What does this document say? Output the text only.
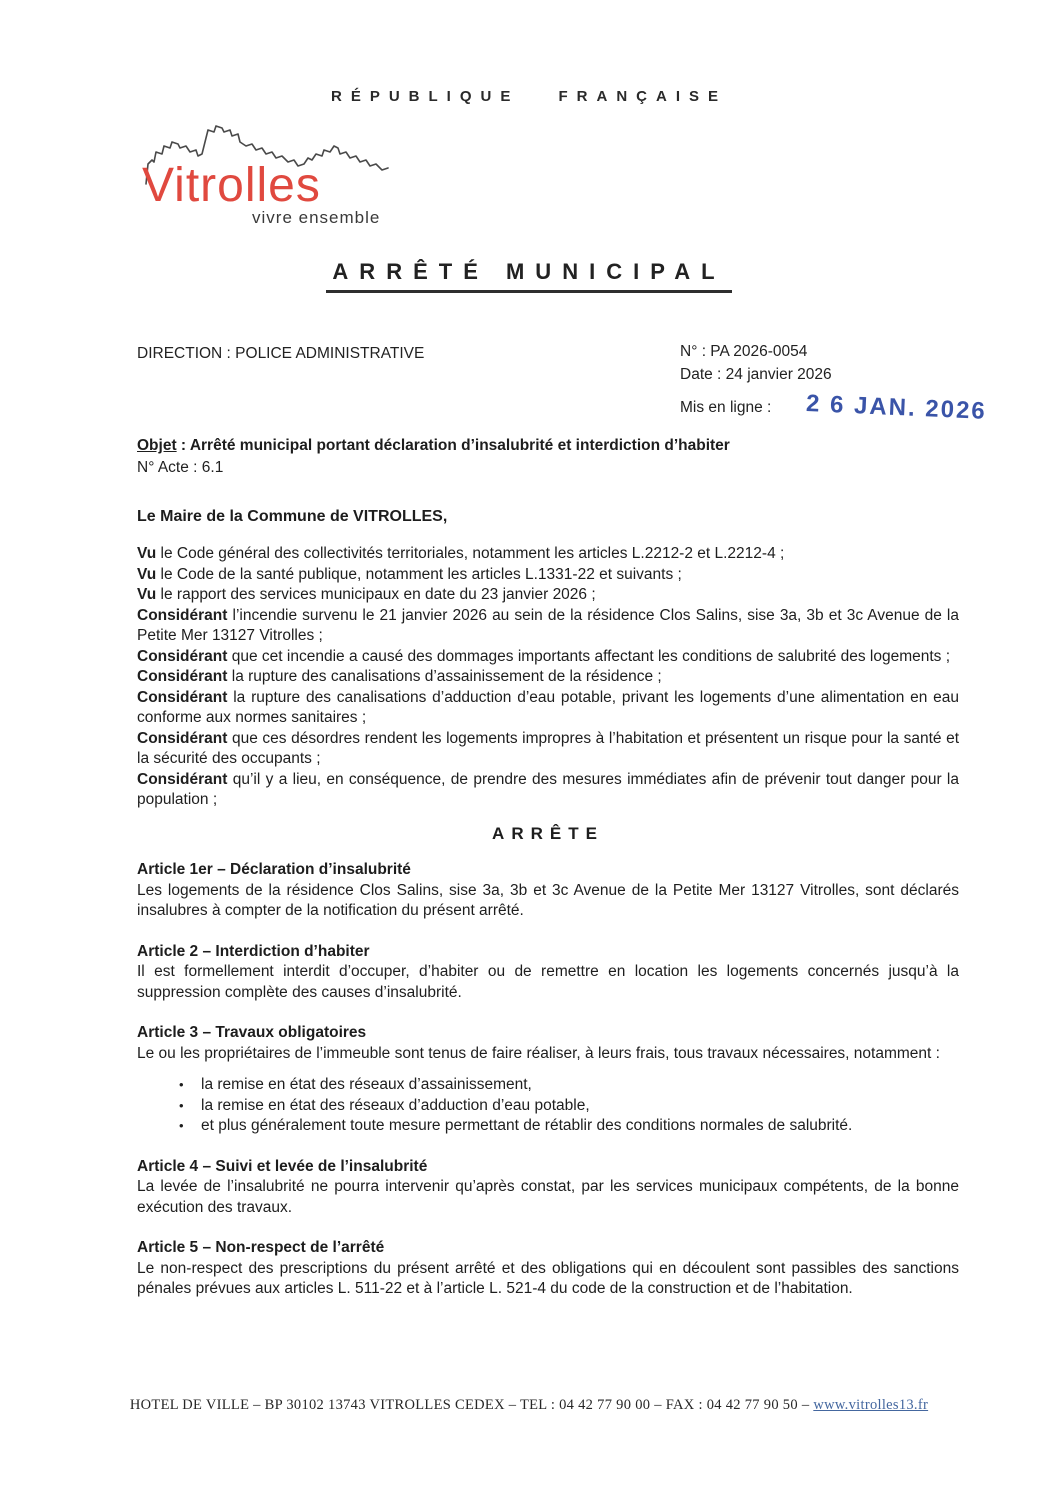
RÉPUBLIQUE FRANÇAISE
Vitrolles
vivre ensemble
ARRÊTÉ MUNICIPAL
DIRECTION : POLICE ADMINISTRATIVE	N° : PA 2026-0054
Date : 24 janvier 2026
Mis en ligne : 2 6 JAN. 2026

Objet : Arrêté municipal portant déclaration d’insalubrité et interdiction d’habiter

N° Acte : 6.1

Le Maire de la Commune de VITROLLES,

Vu le Code général des collectivités territoriales, notamment les articles L.2212-2 et L.2212-4 ;

Vu le Code de la santé publique, notamment les articles L.1331-22 et suivants ;

Vu le rapport des services municipaux en date du 23 janvier 2026 ;

Considérant l’incendie survenu le 21 janvier 2026 au sein de la résidence Clos Salins, sise 3a, 3b et 3c Avenue de la Petite Mer 13127 Vitrolles ;

Considérant que cet incendie a causé des dommages importants affectant les conditions de salubrité des logements ;

Considérant la rupture des canalisations d’assainissement de la résidence ;

Considérant la rupture des canalisations d’adduction d’eau potable, privant les logements d’une alimentation en eau conforme aux normes sanitaires ;

Considérant que ces désordres rendent les logements impropres à l’habitation et présentent un risque pour la santé et la sécurité des occupants ;

Considérant qu’il y a lieu, en conséquence, de prendre des mesures immédiates afin de prévenir tout danger pour la population ;

ARRÊTE

Article 1er – Déclaration d’insalubrité

Les logements de la résidence Clos Salins, sise 3a, 3b et 3c Avenue de la Petite Mer 13127 Vitrolles, sont déclarés insalubres à compter de la notification du présent arrêté.

Article 2 – Interdiction d’habiter

Il est formellement interdit d’occuper, d’habiter ou de remettre en location les logements concernés jusqu’à la suppression complète des causes d’insalubrité.

Article 3 – Travaux obligatoires

Le ou les propriétaires de l’immeuble sont tenus de faire réaliser, à leurs frais, tous travaux nécessaires, notamment :

• la remise en état des réseaux d’assainissement,
• la remise en état des réseaux d’adduction d’eau potable,
• et plus généralement toute mesure permettant de rétablir des conditions normales de salubrité.
Article 4 – Suivi et levée de l’insalubrité

La levée de l’insalubrité ne pourra intervenir qu’après constat, par les services municipaux compétents, de la bonne exécution des travaux.

Article 5 – Non-respect de l’arrêté

Le non-respect des prescriptions du présent arrêté et des obligations qui en découlent sont passibles des sanctions pénales prévues aux articles L. 511-22 et à l’article L. 521-4 du code de la construction et de l’habitation.

HOTEL DE VILLE – BP 30102 13743 VITROLLES CEDEX – TEL : 04 42 77 90 00 – FAX : 04 42 77 90 50 – www.vitrolles13.fr
